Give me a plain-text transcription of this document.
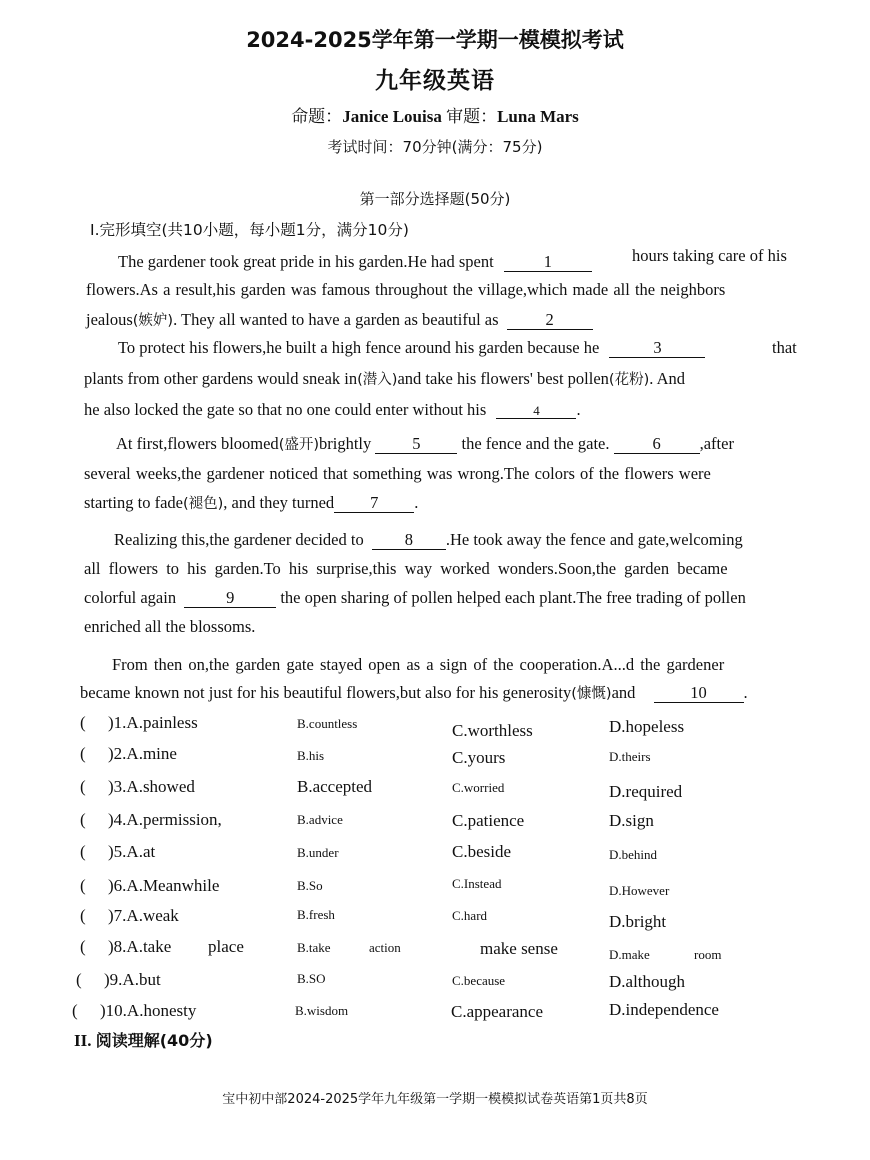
2024-2025学年第一学期一模模拟考试
九年级英语
命题：Janice Louisa 审题：Luna Mars
考试时间：70分钟(满分：75分)
第一部分选择题(50分)
I.完形填空(共10小题，每小题1分，满分10分)
The gardener took great pride in his garden.He had spent	1	hours taking care of his
flowers.As a result,his garden was famous throughout the village,which made all the neighbors
jealous(嫉妒). They all wanted to have a garden as beautiful as	2
To protect his flowers,he built a high fence around his garden because he	3	that
plants from other gardens would sneak in(潜入)and take his flowers' best pollen(花粉). And
he also locked the gate so that no one could enter without his	4 .
At first,flowers bloomed(盛开)brightly 5 the fence and the gate.	6 ,after
several weeks,the gardener noticed that something was wrong.The colors of the flowers were
starting to fade(褪色), and they turned 7 .
Realizing this,the gardener decided to 8 .He took away the fence and gate,welcoming
all flowers to his garden.To his surprise,this way worked wonders.Soon,the garden became
colorful again	9	the open sharing of pollen helped each plant.The free trading of pollen
enriched all the blossoms.
From then on,the garden gate stayed open as a sign of the cooperation.A...d the gardener
became known not just for his beautiful flowers,but also for his generosity(慷慨)and	10 .
( )1.A.painless	B.countless	C.worthless	D.hopeless
( )2.A.mine	B.his	C.yours	D.theirs
( )3.A.showed	B.accepted	C.worried	D.required
( )4.A.permission,	B.advice	C.patience	D.sign
( )5.A.at	B.under	C.beside	D.behind
( )6.A.Meanwhile	B.So	C.Instead	D.However
( )7.A.weak	B.fresh	C.hard	D.bright
( )8.A.take place	B.take	action	make sense	D.make	room
( )9.A.but	B.SO	C.because	D.although
( )10.A.honesty	B.wisdom	C.appearance	D.independence
II. 阅读理解(40分)
宝中初中部2024-2025学年九年级第一学期一模模拟试卷英语第1页共8页
